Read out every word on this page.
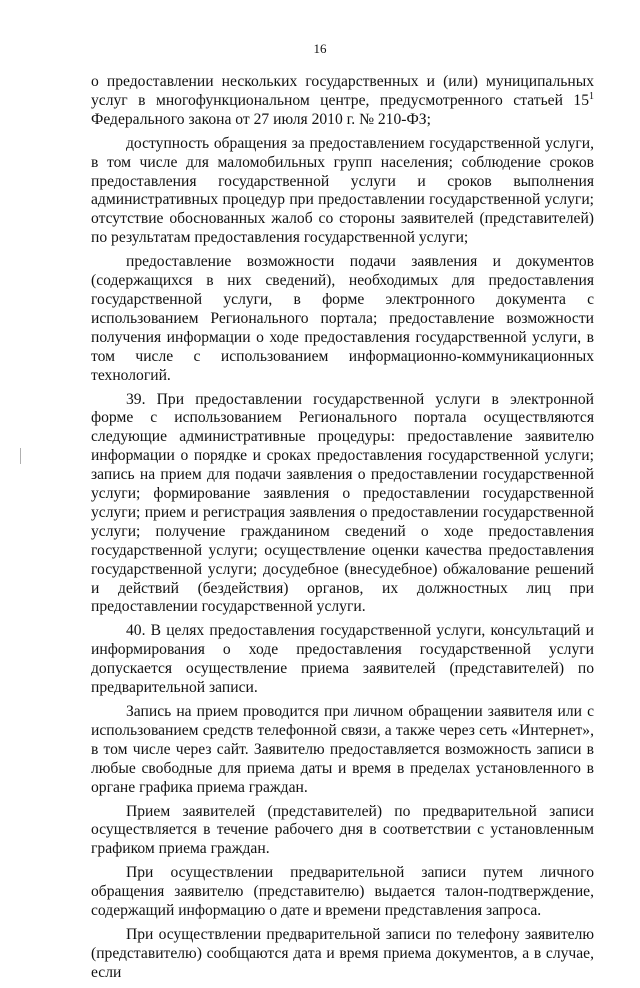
16

о предоставлении нескольких государственных и (или) муниципальных услуг в многофункциональном центре, предусмотренного статьей $15^1$ Федерального закона от 27 июля 2010 г. № 210-ФЗ;

доступность обращения за предоставлением государственной услуги, в том числе для маломобильных групп населения; соблюдение сроков предоставления государственной услуги и сроков выполнения административных процедур при предоставлении государственной услуги; отсутствие обоснованных жалоб со стороны заявителей (представителей) по результатам предоставления государственной услуги;

предоставление возможности подачи заявления и документов (содержащихся в них сведений), необходимых для предоставления государственной услуги, в форме электронного документа с использованием Регионального портала; предоставление возможности получения информации о ходе предоставления государственной услуги, в том числе с использованием информационно-коммуникационных технологий.

39. При предоставлении государственной услуги в электронной форме с использованием Регионального портала осуществляются следующие административные процедуры: предоставление заявителю информации о порядке и сроках предоставления государственной услуги; запись на прием для подачи заявления о предоставлении государственной услуги; формирование заявления о предоставлении государственной услуги; прием и регистрация заявления о предоставлении государственной услуги; получение гражданином сведений о ходе предоставления государственной услуги; осуществление оценки качества предоставления государственной услуги; досудебное (внесудебное) обжалование решений и действий (бездействия) органов, их должностных лиц при предоставлении государственной услуги.

40. В целях предоставления государственной услуги, консультаций и информирования о ходе предоставления государственной услуги допускается осуществление приема заявителей (представителей) по предварительной записи.

Запись на прием проводится при личном обращении заявителя или с использованием средств телефонной связи, а также через сеть «Интернет», в том числе через сайт. Заявителю предоставляется возможность записи в любые свободные для приема даты и время в пределах установленного в органе графика приема граждан.

Прием заявителей (представителей) по предварительной записи осуществляется в течение рабочего дня в соответствии с установленным графиком приема граждан.

При осуществлении предварительной записи путем личного обращения заявителю (представителю) выдается талон-подтверждение, содержащий информацию о дате и времени представления запроса.

При осуществлении предварительной записи по телефону заявителю (представителю) сообщаются дата и время приема документов, а в случае, если
